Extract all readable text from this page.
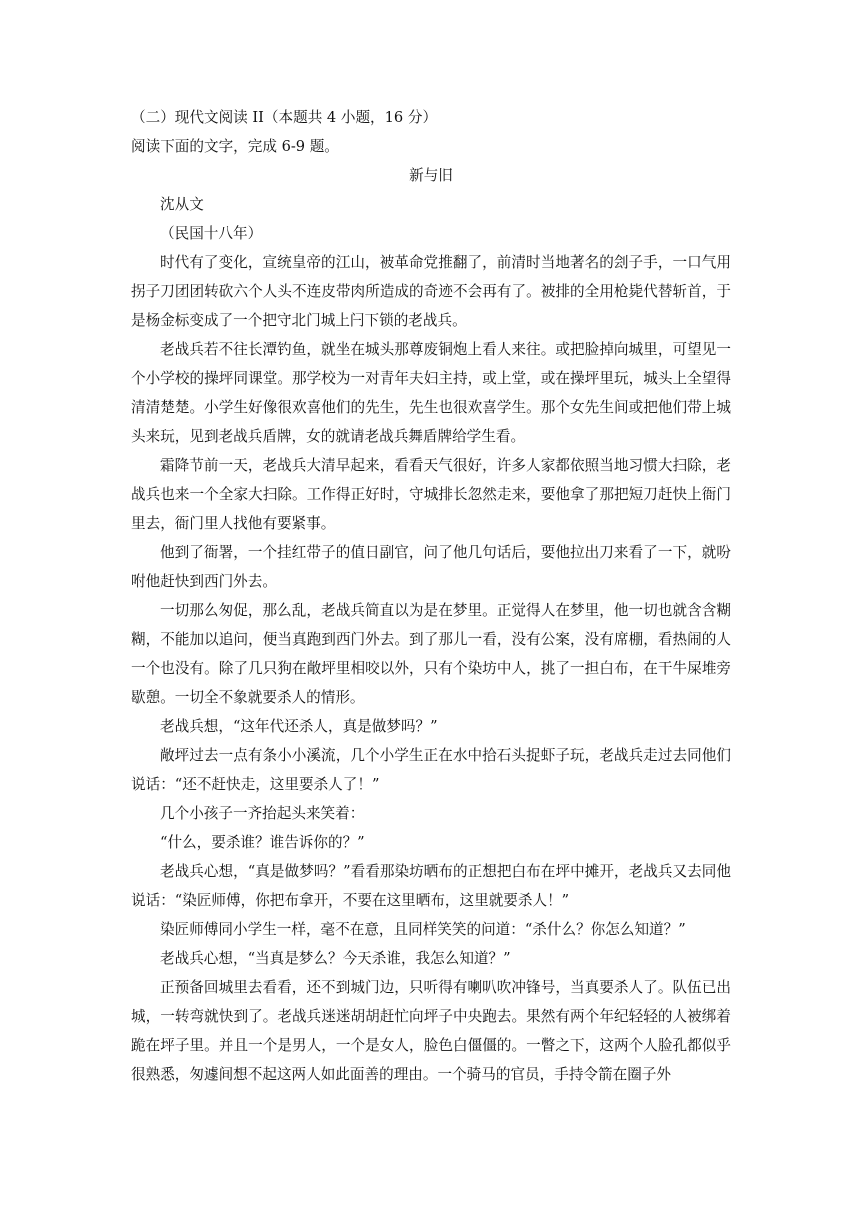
（二）现代文阅读 II（本题共 4 小题，16 分）

阅读下面的文字，完成 6-9 题。

新与旧

沈从文

（民国十八年）

时代有了变化，宣统皇帝的江山，被革命党推翻了，前清时当地著名的刽子手，一口气用拐子刀团团转砍六个人头不连皮带肉所造成的奇迹不会再有了。被排的全用枪毙代替斩首，于是杨金标变成了一个把守北门城上闩下锁的老战兵。

老战兵若不往长潭钓鱼，就坐在城头那尊废铜炮上看人来往。或把脸掉向城里，可望见一个小学校的操坪同课堂。那学校为一对青年夫妇主持，或上堂，或在操坪里玩，城头上全望得清清楚楚。小学生好像很欢喜他们的先生，先生也很欢喜学生。那个女先生间或把他们带上城头来玩，见到老战兵盾牌，女的就请老战兵舞盾牌给学生看。

霜降节前一天，老战兵大清早起来，看看天气很好，许多人家都依照当地习惯大扫除，老战兵也来一个全家大扫除。工作得正好时，守城排长忽然走来，要他拿了那把短刀赶快上衙门里去，衙门里人找他有要紧事。

他到了衙署，一个挂红带子的值日副官，问了他几句话后，要他拉出刀来看了一下，就吩咐他赶快到西门外去。

一切那么匆促，那么乱，老战兵简直以为是在梦里。正觉得人在梦里，他一切也就含含糊糊，不能加以追问，便当真跑到西门外去。到了那儿一看，没有公案，没有席棚，看热闹的人一个也没有。除了几只狗在敞坪里相咬以外，只有个染坊中人，挑了一担白布，在干牛屎堆旁歇憩。一切全不象就要杀人的情形。

老战兵想，“这年代还杀人，真是做梦吗？”

敞坪过去一点有条小小溪流，几个小学生正在水中拾石头捉虾子玩，老战兵走过去同他们说话：“还不赶快走，这里要杀人了！”

几个小孩子一齐抬起头来笑着：

“什么，要杀谁？谁告诉你的？”

老战兵心想，“真是做梦吗？”看看那染坊晒布的正想把白布在坪中摊开，老战兵又去同他说话：“染匠师傅，你把布拿开，不要在这里晒布，这里就要杀人！”

染匠师傅同小学生一样，毫不在意，且同样笑笑的问道：“杀什么？你怎么知道？”

老战兵心想，“当真是梦么？今天杀谁，我怎么知道？”

正预备回城里去看看，还不到城门边，只听得有喇叭吹冲锋号，当真要杀人了。队伍已出城，一转弯就快到了。老战兵迷迷胡胡赶忙向坪子中央跑去。果然有两个年纪轻轻的人被绑着跪在坪子里。并且一个是男人，一个是女人，脸色白僵僵的。一瞥之下，这两个人脸孔都似乎很熟悉，匆遽间想不起这两人如此面善的理由。一个骑马的官员，手持令箭在圈子外
